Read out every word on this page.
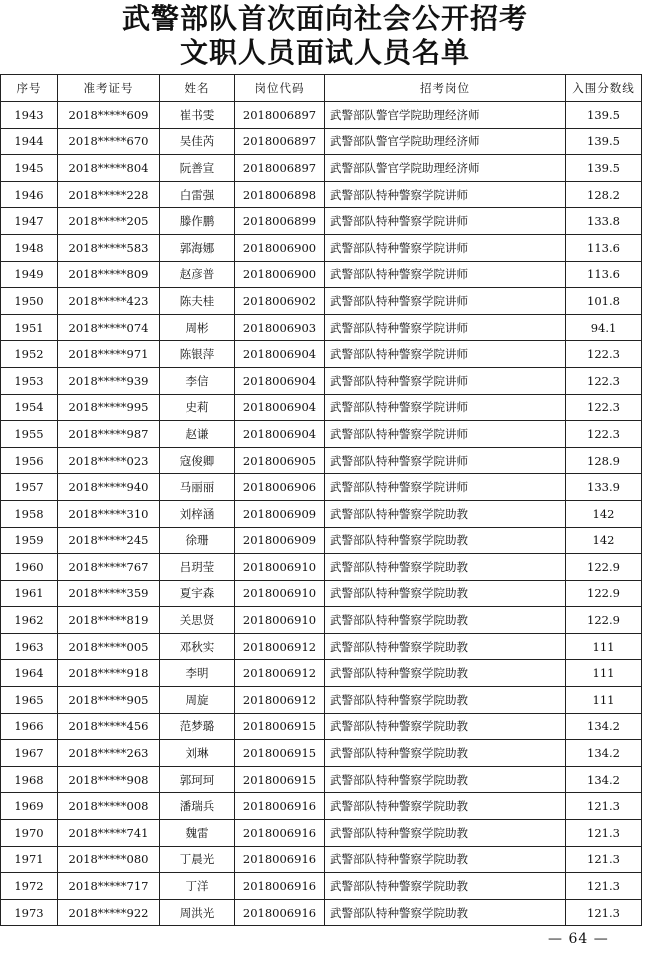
武警部队首次面向社会公开招考
文职人员面试人员名单
序号	准考证号	姓名	岗位代码	招考岗位	入围分数线
1943	2018*****609	崔书雯	2018006897	武警部队警官学院助理经济师	139.5
1944	2018*****670	吴佳芮	2018006897	武警部队警官学院助理经济师	139.5
1945	2018*****804	阮善宣	2018006897	武警部队警官学院助理经济师	139.5
1946	2018*****228	白雷强	2018006898	武警部队特种警察学院讲师	128.2
1947	2018*****205	滕作鹏	2018006899	武警部队特种警察学院讲师	133.8
1948	2018*****583	郭海娜	2018006900	武警部队特种警察学院讲师	113.6
1949	2018*****809	赵彦普	2018006900	武警部队特种警察学院讲师	113.6
1950	2018*****423	陈夫桂	2018006902	武警部队特种警察学院讲师	101.8
1951	2018*****074	周彬	2018006903	武警部队特种警察学院讲师	94.1
1952	2018*****971	陈银萍	2018006904	武警部队特种警察学院讲师	122.3
1953	2018*****939	李信	2018006904	武警部队特种警察学院讲师	122.3
1954	2018*****995	史莉	2018006904	武警部队特种警察学院讲师	122.3
1955	2018*****987	赵谦	2018006904	武警部队特种警察学院讲师	122.3
1956	2018*****023	寇俊卿	2018006905	武警部队特种警察学院讲师	128.9
1957	2018*****940	马丽丽	2018006906	武警部队特种警察学院讲师	133.9
1958	2018*****310	刘梓涵	2018006909	武警部队特种警察学院助教	142
1959	2018*****245	徐珊	2018006909	武警部队特种警察学院助教	142
1960	2018*****767	吕玥莹	2018006910	武警部队特种警察学院助教	122.9
1961	2018*****359	夏宇森	2018006910	武警部队特种警察学院助教	122.9
1962	2018*****819	关思贤	2018006910	武警部队特种警察学院助教	122.9
1963	2018*****005	邓秋实	2018006912	武警部队特种警察学院助教	111
1964	2018*****918	李明	2018006912	武警部队特种警察学院助教	111
1965	2018*****905	周旋	2018006912	武警部队特种警察学院助教	111
1966	2018*****456	范梦璐	2018006915	武警部队特种警察学院助教	134.2
1967	2018*****263	刘琳	2018006915	武警部队特种警察学院助教	134.2
1968	2018*****908	郭珂珂	2018006915	武警部队特种警察学院助教	134.2
1969	2018*****008	潘瑞兵	2018006916	武警部队特种警察学院助教	121.3
1970	2018*****741	魏雷	2018006916	武警部队特种警察学院助教	121.3
1971	2018*****080	丁晨光	2018006916	武警部队特种警察学院助教	121.3
1972	2018*****717	丁洋	2018006916	武警部队特种警察学院助教	121.3
1973	2018*****922	周洪光	2018006916	武警部队特种警察学院助教	121.3
— 64 —
